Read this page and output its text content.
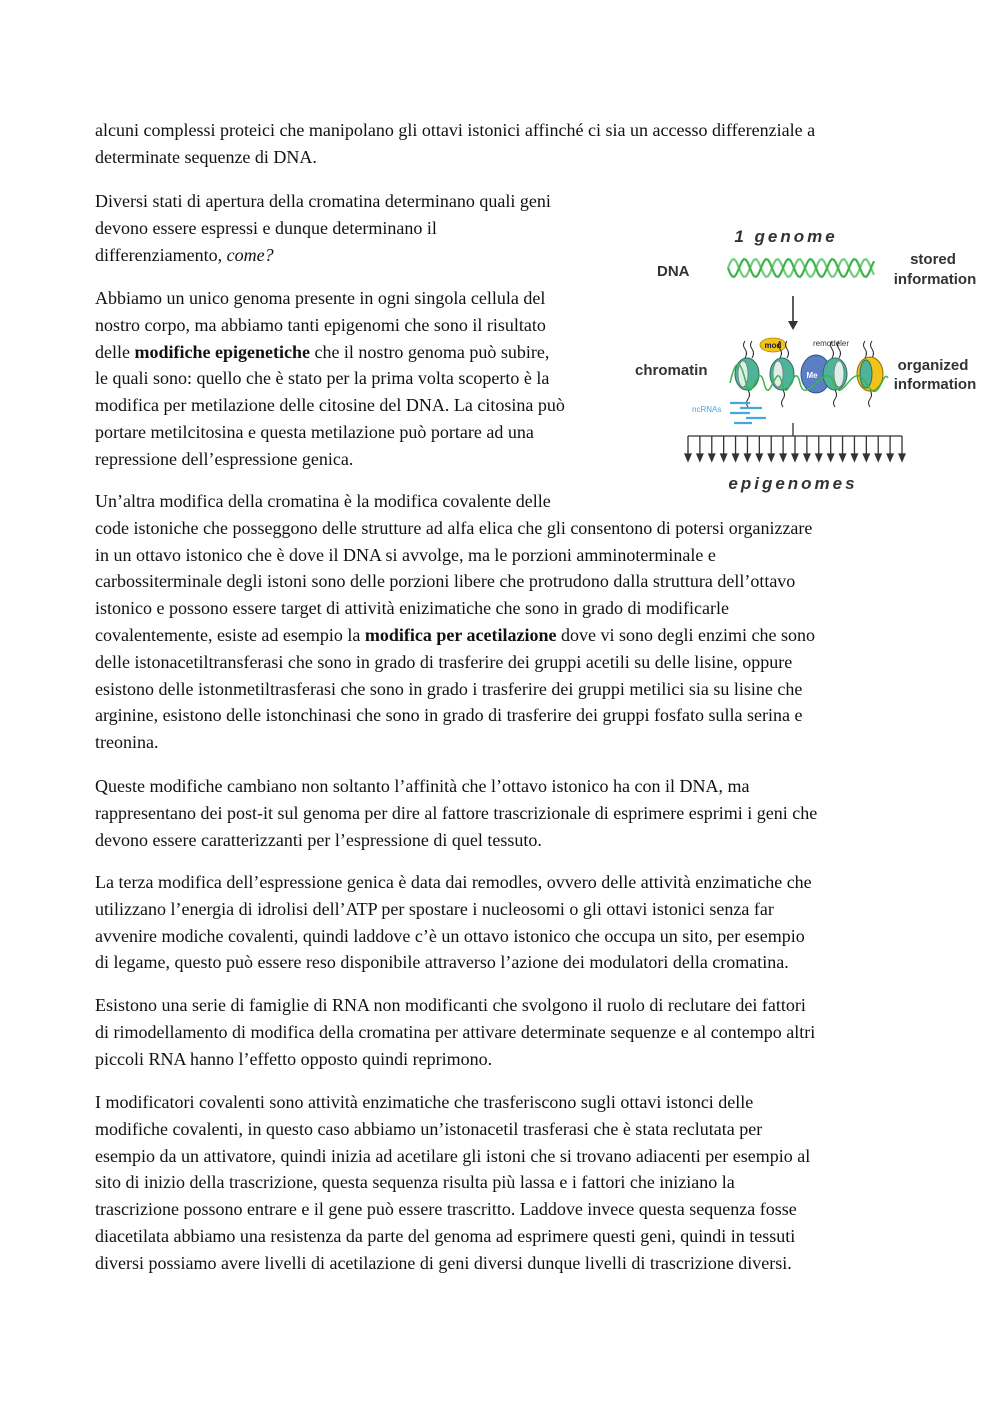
alcuni complessi proteici che manipolano gli ottavi istonici affinché ci sia un accesso differenziale a
determinate sequenze di DNA.

Diversi stati di apertura della cromatina determinano quali geni
devono essere espressi e dunque determinano il
differenziamento, come?

Abbiamo un unico genoma presente in ogni singola cellula del
nostro corpo, ma abbiamo tanti epigenomi che sono il risultato
delle modifiche epigenetiche che il nostro genoma può subire,
le quali sono: quello che è stato per la prima volta scoperto è la
modifica per metilazione delle citosine del DNA. La citosina può
portare metilcitosina e questa metilazione può portare ad una
repressione dell’espressione genica.

Un’altra modifica della cromatina è la modifica covalente delle
code istoniche che posseggono delle strutture ad alfa elica che gli consentono di potersi organizzare
in un ottavo istonico che è dove il DNA si avvolge, ma le porzioni amminoterminale e
carbossiterminale degli istoni sono delle porzioni libere che protrudono dalla struttura dell’ottavo
istonico e possono essere target di attività enizimatiche che sono in grado di modificarle
covalentemente, esiste ad esempio la modifica per acetilazione dove vi sono degli enzimi che sono
delle istonacetiltransferasi che sono in grado di trasferire dei gruppi acetili su delle lisine, oppure
esistono delle istonmetiltrasferasi che sono in grado i trasferire dei gruppi metilici sia su lisine che
arginine, esistono delle istonchinasi che sono in grado di trasferire dei gruppi fosfato sulla serina e
treonina.

Queste modifiche cambiano non soltanto l’affinità che l’ottavo istonico ha con il DNA, ma
rappresentano dei post-it sul genoma per dire al fattore trascrizionale di esprimere esprimi i geni che
devono essere caratterizzanti per l’espressione di quel tessuto.

La terza modifica dell’espressione genica è data dai remodles, ovvero delle attività enzimatiche che
utilizzano l’energia di idrolisi dell’ATP per spostare i nucleosomi o gli ottavi istonici senza far
avvenire modiche covalenti, quindi laddove c’è un ottavo istonico che occupa un sito, per esempio
di legame, questo può essere reso disponibile attraverso l’azione dei modulatori della cromatina.

Esistono una serie di famiglie di RNA non modificanti che svolgono il ruolo di reclutare dei fattori
di rimodellamento di modifica della cromatina per attivare determinate sequenze e al contempo altri
piccoli RNA hanno l’effetto opposto quindi reprimono.

I modificatori covalenti sono attività enzimatiche che trasferiscono sugli ottavi istonci delle
modifiche covalenti, in questo caso abbiamo un’istonacetil trasferasi che è stata reclutata per
esempio da un attivatore, quindi inizia ad acetilare gli istoni che si trovano adiacenti per esempio al
sito di inizio della trascrizione, questa sequenza risulta più lassa e i fattori che iniziano la
trascrizione possono entrare e il gene può essere trascritto. Laddove invece questa sequenza fosse
diacetilata abbiamo una resistenza da parte del genoma ad esprimere questi geni, quindi in tessuti
diversi possiamo avere livelli di acetilazione di geni diversi dunque livelli di trascrizione diversi.

1 genome
DNA
stored
information
chromatin
mod	remodeler
Me
ncRNAs
epigenomes
organized
information
